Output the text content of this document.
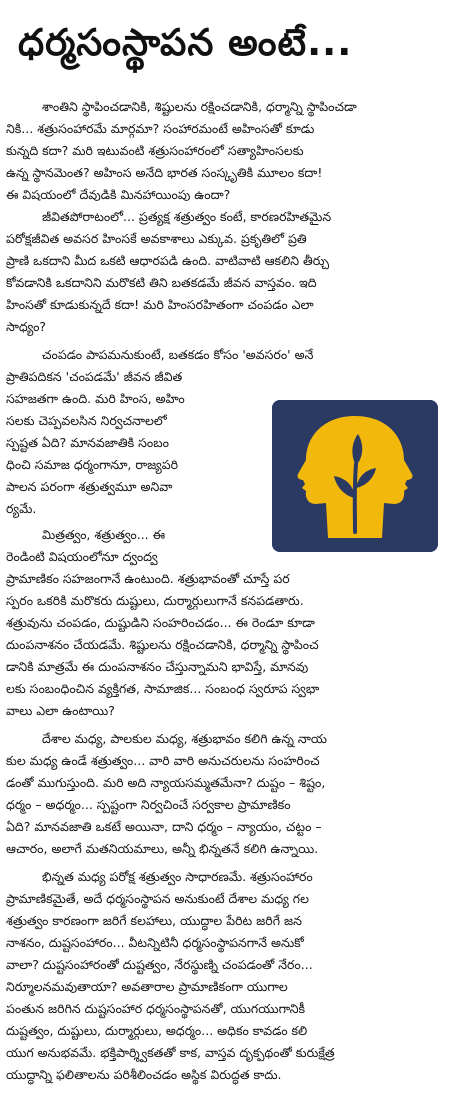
ధర్మసంస్థాపన అంటే...
శాంతిని స్థాపించడానికి, శిష్టులను రక్షించడానికి, ధర్మాన్ని స్థాపించడా
నికి... శత్రుసంహారమే మార్గమా? సంహారమంటే అహింసతో కూడు
కున్నది కదా? మరి ఇటువంటి శత్రుసంహారంలో సత్యాహింసలకు
ఉన్న స్థానమెంత? అహింస అనేది భారత సంస్కృతికి మూలం కదా!
ఈ విషయంలో దేవుడికి మినహాయింపు ఉందా?
జీవితపోరాటంలో... ప్రత్యక్ష శత్రుత్వం కంటే, కారణరహితమైన
పరోక్షజీవిత అవసర హింసకే అవకాశాలు ఎక్కువ. ప్రకృతిలో ప్రతి
ప్రాణి ఒకదాని మీద ఒకటి ఆధారపడి ఉంది. వాటివాటి ఆకలిని తీర్చు
కోవడానికి ఒకదానిని మరొకటి తిని బతకడమే జీవన వాస్తవం. ఇది
హింసతో కూడుకున్నదే కదా! మరి హింసరహితంగా చంపడం ఎలా
సాధ్యం?
చంపడం పాపమనుకుంటే, బతకడం కోసం 'అవసరం' అనే
ప్రాతిపదికన 'చంపడమే' జీవన జీవిత
సహజతగా ఉంది. మరి హింస, అహిం
సలకు చెప్పవలసిన నిర్వచనాలలో
స్పష్టత ఏది? మానవజాతికి సంబం
ధించి సమాజ ధర్మంగానూ, రాజ్యపరి
పాలన పరంగా శత్రుత్వమూ అనివా
ర్యమే.
మిత్రత్వం, శత్రుత్వం... ఈ
రెండింటి విషయంలోనూ ద్వంద్వ
ప్రామాణికం సహజంగానే ఉంటుంది. శత్రుభావంతో చూస్తే పర
స్పరం ఒకరికి మరొకరు దుష్టులు, దుర్మార్గులుగానే కనపడతారు.
శత్రువును చంపడం, దుష్టుడిని సంహరించడం... ఈ రెండూ కూడా
దుంపనాశనం చేయడమే. శిష్టులను రక్షించడానికి, ధర్మాన్ని స్థాపించ
డానికి మాత్రమే ఈ దుంపనాశనం చేస్తున్నామని భావిస్తే, మానవు
లకు సంబంధించిన వ్యక్తిగత, సామాజిక... సంబంధ స్వరూప స్వభా
వాలు ఎలా ఉంటాయి?
దేశాల మధ్య, పాలకుల మధ్య, శత్రుభావం కలిగి ఉన్న నాయ
కుల మధ్య ఉండే శత్రుత్వం... వారి వారి అనుచరులను సంహరించ
డంతో ముగుస్తుంది. మరి అది న్యాయసమ్మతమేనా? దుష్టం – శిష్టం,
ధర్మం – అధర్మం... స్పష్టంగా నిర్వచించే సర్వకాల ప్రామాణికం
ఏది? మానవజాతి ఒకటే అయినా, దాని ధర్మం – న్యాయం, చట్టం –
ఆచారం, అలాగే మతనియమాలు, అన్నీ భిన్నతనే కలిగి ఉన్నాయి.
భిన్నత మధ్య పరోక్ష శత్రుత్వం సాధారణమే. శత్రుసంహారం
ప్రామాణికమైతే, అదే ధర్మసంస్థాపన అనుకుంటే దేశాల మధ్య గల
శత్రుత్వం కారణంగా జరిగే కలహాలు, యుద్ధాల పేరిట జరిగే జన
నాశనం, దుష్టసంహారం... వీటన్నిటినీ ధర్మసంస్థాపనగానే అనుకో
వాలా? దుష్టసంహారంతో దుష్టత్వం, నేరస్థుణ్ని చంపడంతో నేరం...
నిర్మూలనమవుతాయా? అవతారాల ప్రామాణికంగా యుగాల
పంతున జరిగిన దుష్టసంహార ధర్మసంస్థాపనతో, యుగయుగానికీ
దుష్టత్వం, దుష్టులు, దుర్మార్గులు, అధర్మం... అధికం కావడం కలి
యుగ అనుభవమే. భక్తిపార్శ్వికతతో కాక, వాస్తవ దృక్పథంతో కురుక్షేత్ర
యుద్ధాన్ని ఫలితాలను పరిశీలించడం అస్థిక విరుద్ధత కాదు.
